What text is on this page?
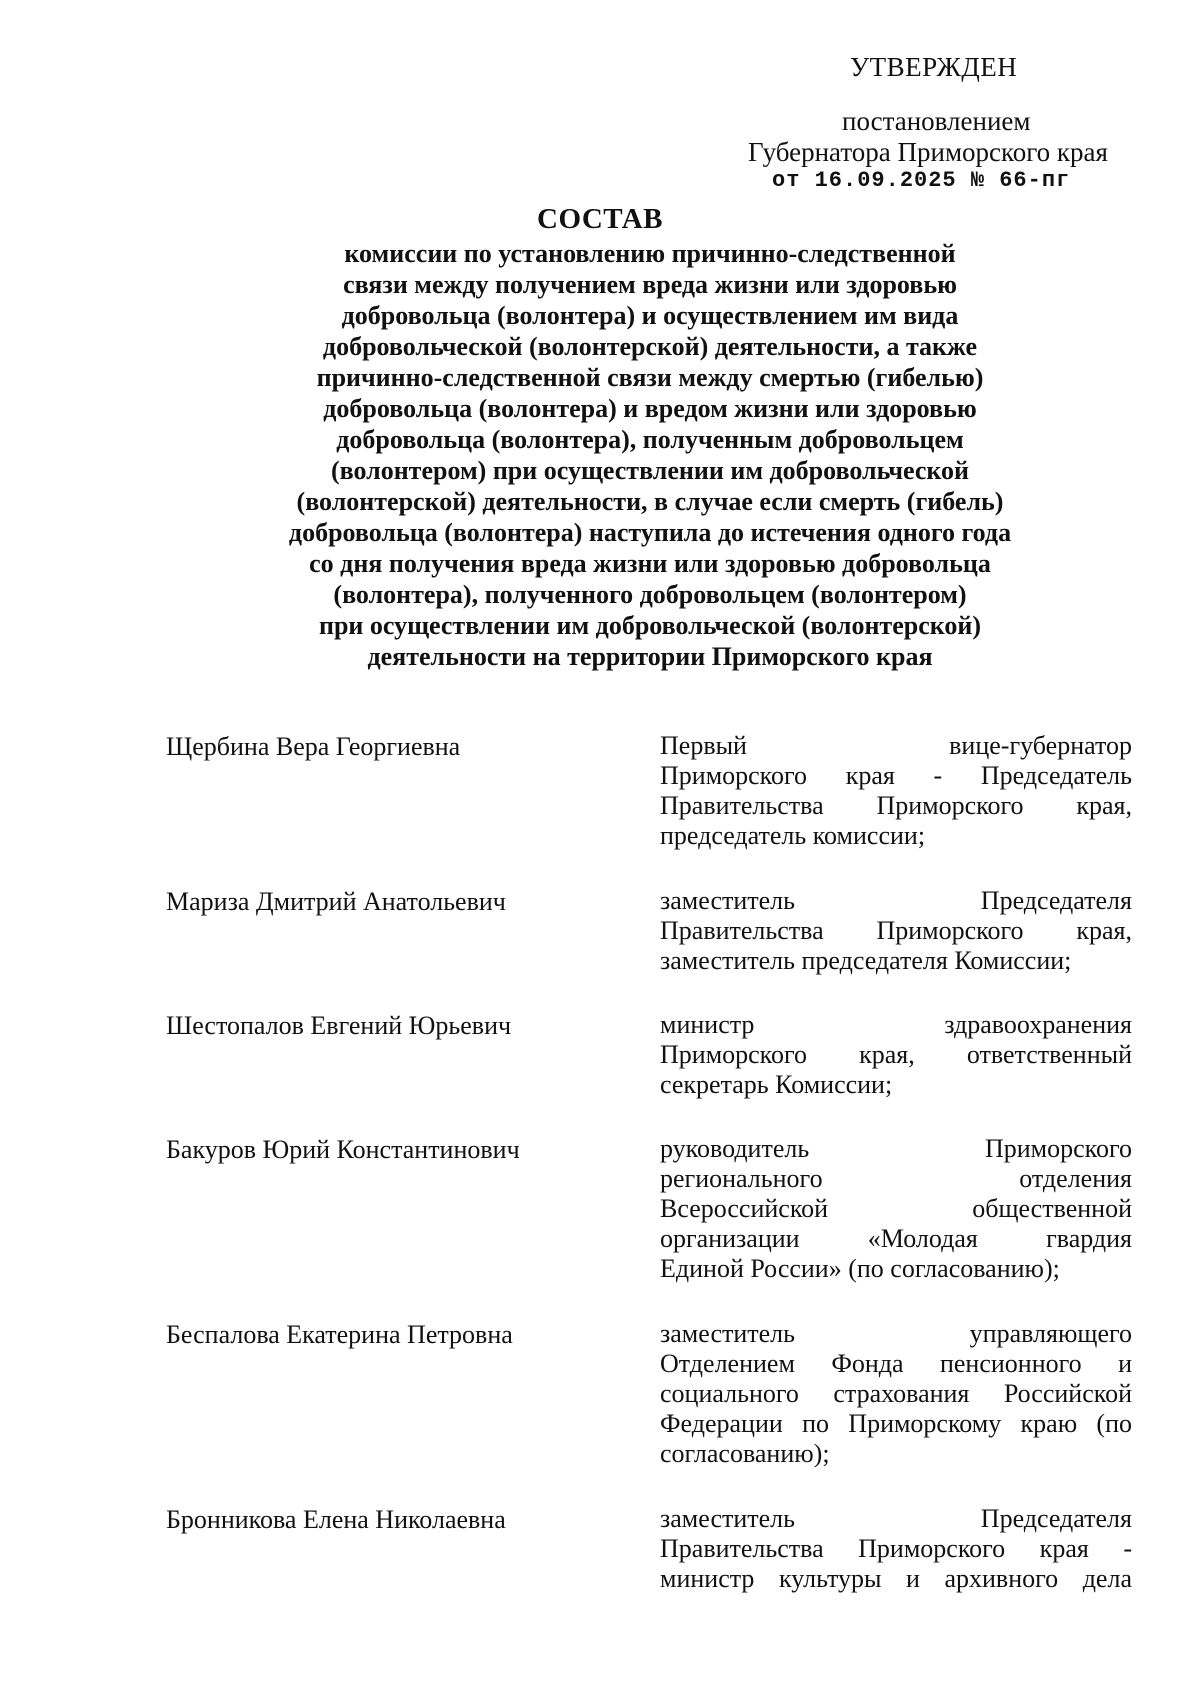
УТВЕРЖДЕН
постановлением
Губернатора Приморского края
от 16.09.2025 № 66-пг
СОСТАВ
комиссии по установлению причинно-следственной
связи между получением вреда жизни или здоровью
добровольца (волонтера) и осуществлением им вида
добровольческой (волонтерской) деятельности, а также
причинно-следственной связи между смертью (гибелью)
добровольца (волонтера) и вредом жизни или здоровью
добровольца (волонтера), полученным добровольцем
(волонтером) при осуществлении им добровольческой
(волонтерской) деятельности, в случае если смерть (гибель)
добровольца (волонтера) наступила до истечения одного года
со дня получения вреда жизни или здоровью добровольца
(волонтера), полученного добровольцем (волонтером)
при осуществлении им добровольческой (волонтерской)
деятельности на территории Приморского края
Щербина Вера Георгиевна	Первый вице-губернатор
Приморского края - Председатель
Правительства Приморского края,
председатель комиссии;
Мариза Дмитрий Анатольевич	заместитель Председателя
Правительства Приморского края,
заместитель председателя Комиссии;
Шестопалов Евгений Юрьевич	министр здравоохранения
Приморского края, ответственный
секретарь Комиссии;
Бакуров Юрий Константинович	руководитель Приморского
регионального отделения
Всероссийской общественной
организации «Молодая гвардия
Единой России» (по согласованию);
Беспалова Екатерина Петровна	заместитель управляющего
Отделением Фонда пенсионного и
социального страхования Российской
Федерации по Приморскому краю (по
согласованию);
Бронникова Елена Николаевна	заместитель Председателя
Правительства Приморского края -
министр культуры и архивного дела
